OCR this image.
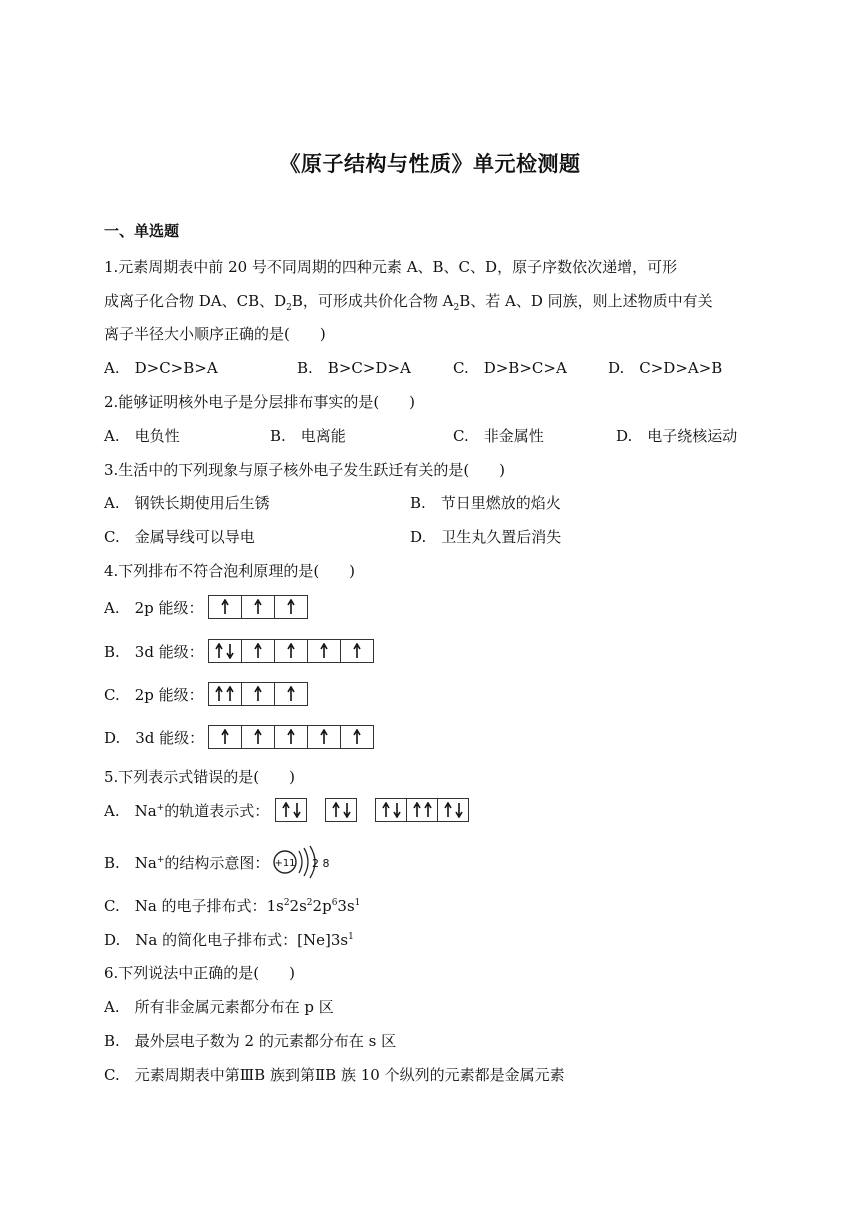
《原子结构与性质》单元检测题
一、单选题
1.元素周期表中前 20 号不同周期的四种元素 A、B、C、D，原子序数依次递增，可形
成离子化合物 DA、CB、$D_2B$，可形成共价化合物 $A_2B$、若 A、D 同族，则上述物质中有关
离子半径大小顺序正确的是(　　)
A.　D>C>B>A	B.　B>C>D>A	C.　D>B>C>A	D.　C>D>A>B
2.能够证明核外电子是分层排布事实的是(　　)
A.　电负性	B.　电离能	C.　非金属性	D.　电子绕核运动
3.生活中的下列现象与原子核外电子发生跃迁有关的是(　　)
A.　钢铁长期使用后生锈	B.　节日里燃放的焰火
C.　金属导线可以导电	D.　卫生丸久置后消失
4.下列排布不符合泡利原理的是(　　)
A.　2p 能级：
B.　3d 能级：
C.　2p 能级：
D.　3d 能级：
5.下列表示式错误的是(　　)
A.　Na+的轨道表示式：
B.　Na+的结构示意图： +11 2 8
C.　Na 的电子排布式：$1s^22s^22p^63s^1$
D.　Na 的简化电子排布式：$[Ne]3s^1$
6.下列说法中正确的是(　　)
A.　所有非金属元素都分布在 p 区
B.　最外层电子数为 2 的元素都分布在 s 区
C.　元素周期表中第ⅢB 族到第ⅡB 族 10 个纵列的元素都是金属元素
